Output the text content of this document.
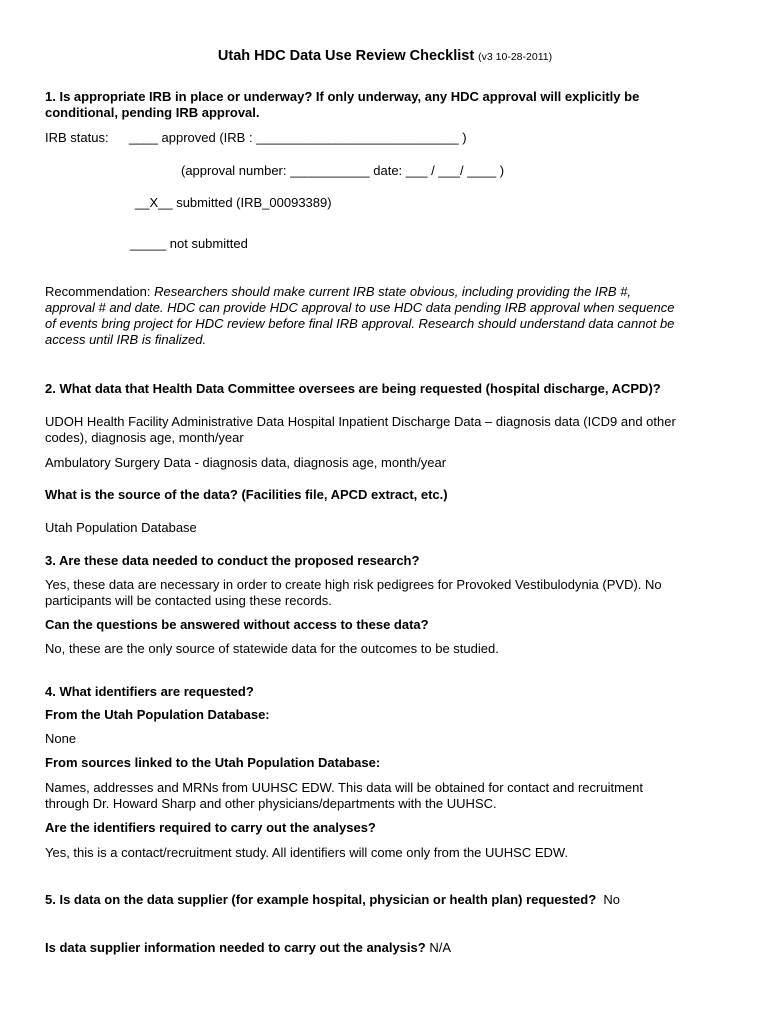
Utah HDC Data Use Review Checklist (v3 10-28-2011)
1. Is appropriate IRB in place or underway? If only underway, any HDC approval will explicitly be
conditional, pending IRB approval.
IRB status: ____ approved (IRB : ____________________________ )
(approval number: ___________ date: ___ / ___/ ____ )
__X__ submitted (IRB_00093389)
_____ not submitted
Recommendation: Researchers should make current IRB state obvious, including providing the IRB #,
approval # and date. HDC can provide HDC approval to use HDC data pending IRB approval when sequence
of events bring project for HDC review before final IRB approval. Research should understand data cannot be
access until IRB is finalized.
2. What data that Health Data Committee oversees are being requested (hospital discharge, ACPD)?
UDOH Health Facility Administrative Data Hospital Inpatient Discharge Data – diagnosis data (ICD9 and other
codes), diagnosis age, month/year
Ambulatory Surgery Data - diagnosis data, diagnosis age, month/year
What is the source of the data? (Facilities file, APCD extract, etc.)
Utah Population Database
3. Are these data needed to conduct the proposed research?
Yes, these data are necessary in order to create high risk pedigrees for Provoked Vestibulodynia (PVD). No
participants will be contacted using these records.
Can the questions be answered without access to these data?
No, these are the only source of statewide data for the outcomes to be studied.
4. What identifiers are requested?
From the Utah Population Database:
None
From sources linked to the Utah Population Database:
Names, addresses and MRNs from UUHSC EDW. This data will be obtained for contact and recruitment
through Dr. Howard Sharp and other physicians/departments with the UUHSC.
Are the identifiers required to carry out the analyses?
Yes, this is a contact/recruitment study. All identifiers will come only from the UUHSC EDW.
5. Is data on the data supplier (for example hospital, physician or health plan) requested? No
Is data supplier information needed to carry out the analysis? N/A
